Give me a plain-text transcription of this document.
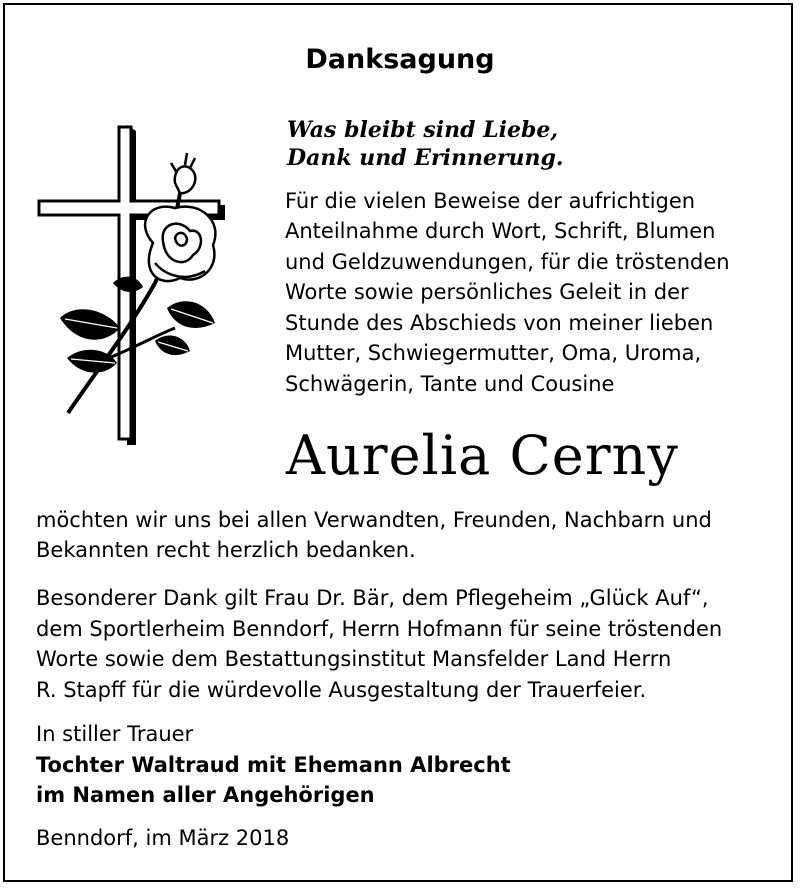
Danksagung

Was bleibt sind Liebe,

Dank und Erinnerung.

Für die vielen Beweise der aufrichtigen

Anteilnahme durch Wort, Schrift, Blumen

und Geldzuwendungen, für die tröstenden

Worte sowie persönliches Geleit in der

Stunde des Abschieds von meiner lieben

Mutter, Schwiegermutter, Oma, Uroma,

Schwägerin, Tante und Cousine

Aurelia Cerny

möchten wir uns bei allen Verwandten, Freunden, Nachbarn und

Bekannten recht herzlich bedanken.

Besonderer Dank gilt Frau Dr. Bär, dem Pflegeheim „Glück Auf“,

dem Sportlerheim Benndorf, Herrn Hofmann für seine tröstenden

Worte sowie dem Bestattungsinstitut Mansfelder Land Herrn

R. Stapff für die würdevolle Ausgestaltung der Trauerfeier.

In stiller Trauer

Tochter Waltraud mit Ehemann Albrecht

im Namen aller Angehörigen

Benndorf, im März 2018
